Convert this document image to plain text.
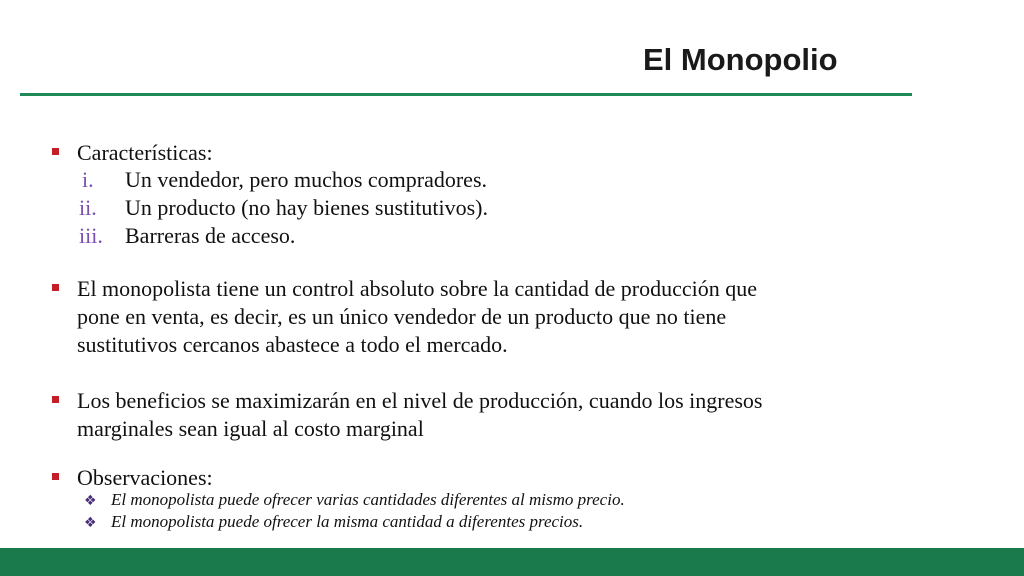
El Monopolio
Características:
i. Un vendedor, pero muchos compradores.
ii. Un producto (no hay bienes sustitutivos).
iii. Barreras de acceso.
El monopolista tiene un control absoluto sobre la cantidad de producción que
pone en venta, es decir, es un único vendedor de un producto que no tiene
sustitutivos cercanos abastece a todo el mercado.
Los beneficios se maximizarán en el nivel de producción, cuando los ingresos
marginales sean igual al costo marginal
Observaciones:
❖ El monopolista puede ofrecer varias cantidades diferentes al mismo precio.
❖ El monopolista puede ofrecer la misma cantidad a diferentes precios.
